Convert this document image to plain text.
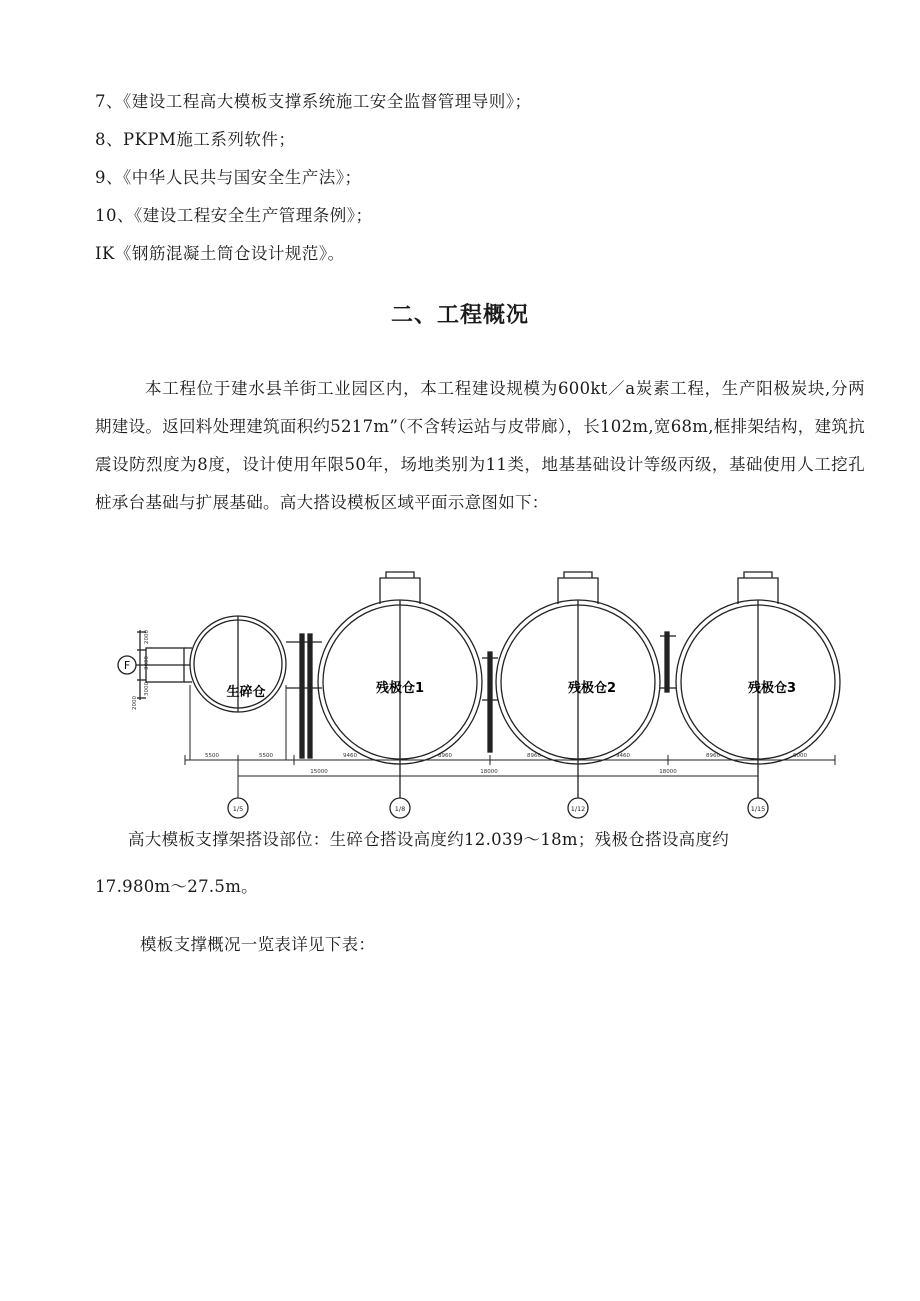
7、《建设工程高大模板支撑系统施工安全监督管理导则》；
8、PKPM施工系列软件；
9、《中华人民共与国安全生产法》；
10、《建设工程安全生产管理条例》；
IK《钢筋混凝土筒仓设计规范》。
二、工程概况
本工程位于建水县羊街工业园区内，本工程建设规模为600kt／a炭素工程，生产阳极炭块,分两期建设。返回料处理建筑面积约5217m”（不含转运站与皮带廊），长102m,宽68m,框排架结构，建筑抗震设防烈度为8度，设计使用年限50年，场地类别为11类，地基基础设计等级丙级，基础使用人工挖孔桩承台基础与扩展基础。高大搭设模板区域平面示意图如下：
F
2000
3000
3000
2000
生碎仓	残极仓1	残极仓2	残极仓3
5500	5500	9460	8960	8960	9460	8960	6000
15000	18000	18000
1/5	1/8	1/12	1/15
高大模板支撑架搭设部位：生碎仓搭设高度约12.039～18m；残极仓搭设高度约
17.980m～27.5m。
模板支撑概况一览表详见下表：
